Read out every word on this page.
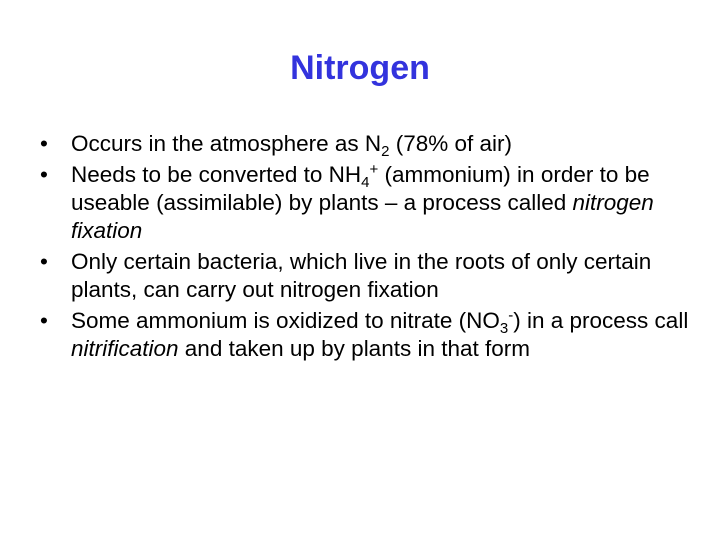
Nitrogen
•	Occurs in the atmosphere as $N_2$ (78% of air)
•	Needs to be converted to $NH_4^+$ (ammonium) in order to be useable (assimilable) by plants – a process called nitrogen fixation
•	Only certain bacteria, which live in the roots of only certain plants, can carry out nitrogen fixation
•	Some ammonium is oxidized to nitrate $(NO_3^-)$ in a process call nitrification and taken up by plants in that form
